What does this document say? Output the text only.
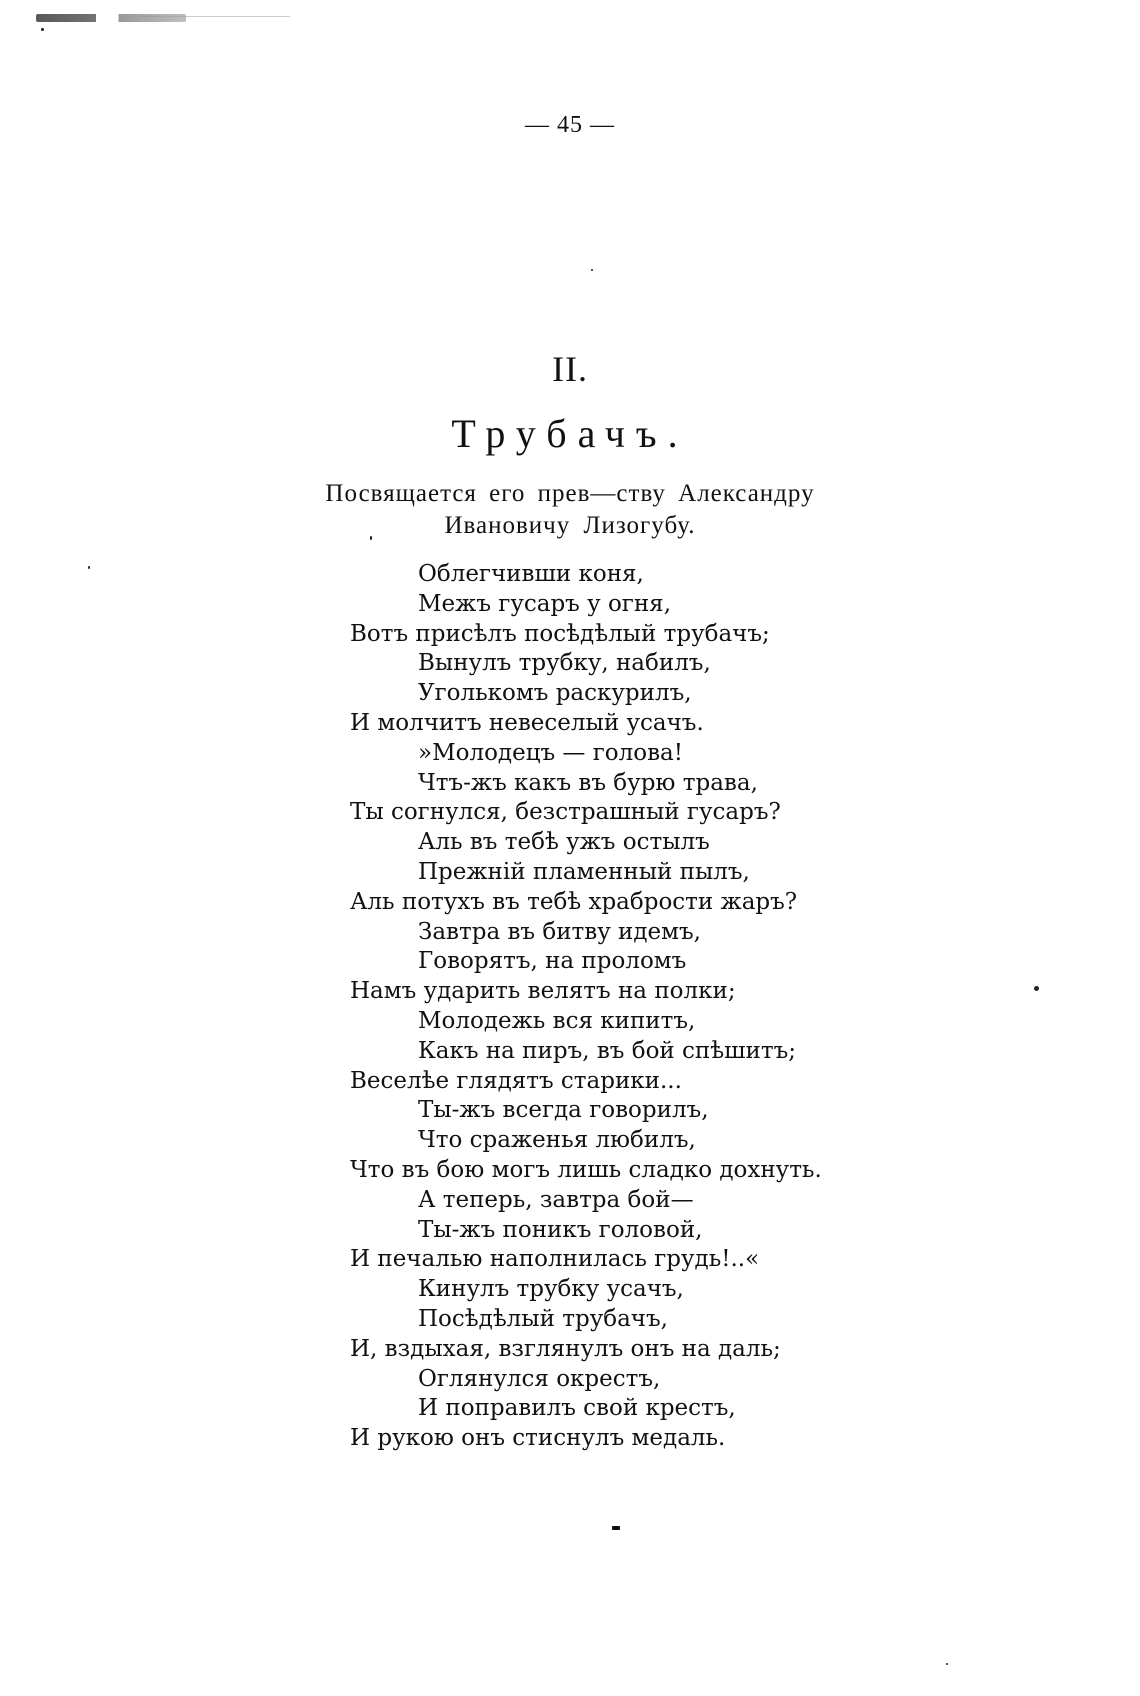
— 45 —
II.
Трубачъ.
Посвящается его прев—ству Александру
Ивановичу Лизогубу.
Облегчивши коня,
Межъ гусаръ у огня,
Вотъ присѣлъ посѣдѣлый трубачъ;
Вынулъ трубку, набилъ,
Уголькомъ раскурилъ,
И молчитъ невеселый усачъ.
»Молодецъ — голова!
Чтъ-жъ какъ въ бурю трава,
Ты согнулся, безстрашный гусаръ?
Аль въ тебѣ ужъ остылъ
Прежній пламенный пылъ,
Аль потухъ въ тебѣ храбрости жаръ?
Завтра въ битву идемъ,
Говорятъ, на проломъ
Намъ ударить велятъ на полки;
Молодежь вся кипитъ,
Какъ на пиръ, въ бой спѣшитъ;
Веселѣе глядятъ старики...
Ты-жъ всегда говорилъ,
Что сраженья любилъ,
Что въ бою могъ лишь сладко дохнуть.
А теперь, завтра бой—
Ты-жъ поникъ головой,
И печалью наполнилась грудь!..«
Кинулъ трубку усачъ,
Посѣдѣлый трубачъ,
И, вздыхая, взглянулъ онъ на даль;
Оглянулся окрестъ,
И поправилъ свой крестъ,
И рукою онъ стиснулъ медаль.
